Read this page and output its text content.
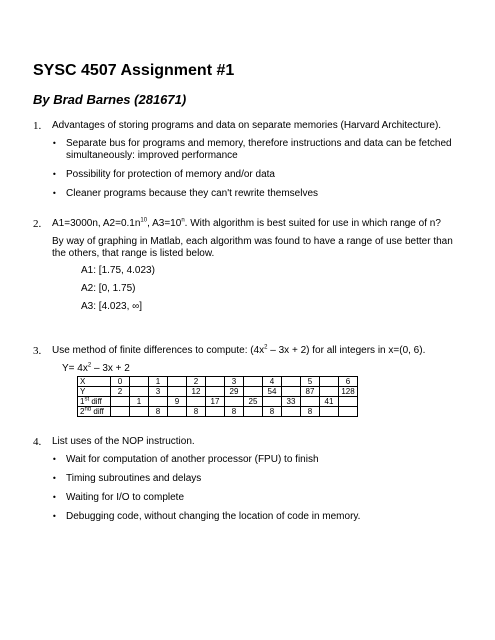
SYSC 4507 Assignment #1
By Brad Barnes (281671)
1. Advantages of storing programs and data on separate memories (Harvard Architecture).
• Separate bus for programs and memory, therefore instructions and data can be fetched simultaneously: improved performance
• Possibility for protection of memory and/or data
• Cleaner programs because they can't rewrite themselves
2. A1=3000n, $A2=0.1n^{10}$, $A3=10^n$. With algorithm is best suited for use in which range of n?
By way of graphing in Matlab, each algorithm was found to have a range of use better than the others, that range is listed below.
A1: [1.75, 4.023)
A2: [0, 1.75)
A3: [4.023, ∞]
3. Use method of finite differences to compute: $(4x^2 - 3x + 2)$ for all integers in x=(0, 6).
$Y= 4x^2 - 3x + 2$
X	0		1		2		3		4		5		6
Y	2		3		12		29		54		87		128
1st diff		1		9		17		25		33		41	
2nd diff			8		8		8		8		8		
4. List uses of the NOP instruction.
• Wait for computation of another processor (FPU) to finish
• Timing subroutines and delays
• Waiting for I/O to complete
• Debugging code, without changing the location of code in memory.
